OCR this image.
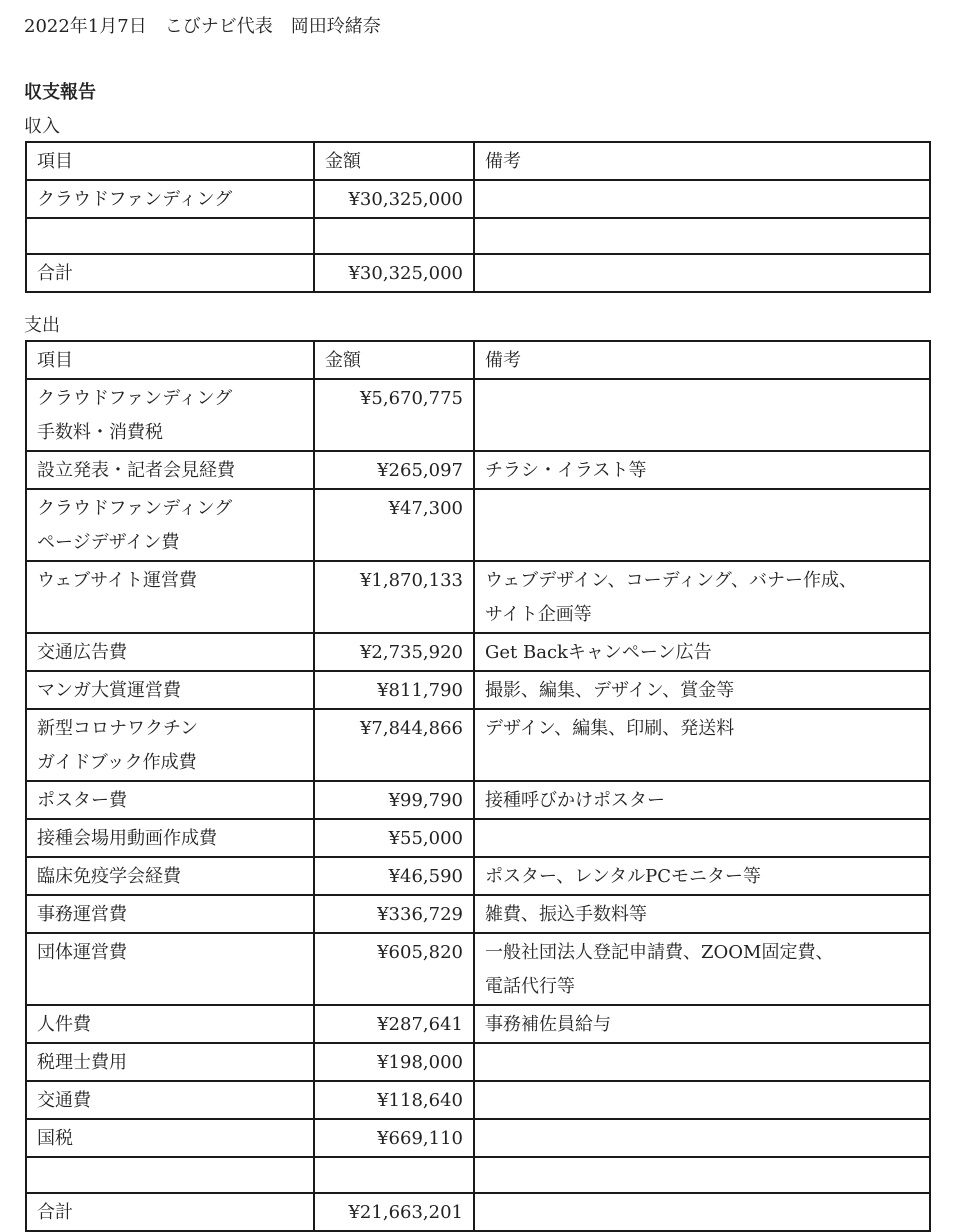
2022年1月7日　 こびナビ代表　 岡田玲緒奈
収支報告
収入
項目	金額	備考
クラウドファンディング	¥30,325,000	

合計	¥30,325,000	
支出
項目	金額	備考
クラウドファンディング
手数料・消費税	¥5,670,775	
設立発表・記者会見経費	¥265,097	チラシ・イラスト等
クラウドファンディング
ページデザイン費	¥47,300	
ウェブサイト運営費	¥1,870,133	ウェブデザイン、コーディング、バナー作成、
サイト企画等
交通広告費	¥2,735,920	Get Backキャンペーン広告
マンガ大賞運営費	¥811,790	撮影、編集、デザイン、賞金等
新型コロナワクチン
ガイドブック作成費	¥7,844,866	デザイン、編集、印刷、発送料
ポスター費	¥99,790	接種呼びかけポスター
接種会場用動画作成費	¥55,000	
臨床免疫学会経費	¥46,590	ポスター、レンタルPCモニター等
事務運営費	¥336,729	雑費、振込手数料等
団体運営費	¥605,820	一般社団法人登記申請費、ZOOM固定費、
電話代行等
人件費	¥287,641	事務補佐員給与
税理士費用	¥198,000	
交通費	¥118,640	
国税	¥669,110	

合計	¥21,663,201	
